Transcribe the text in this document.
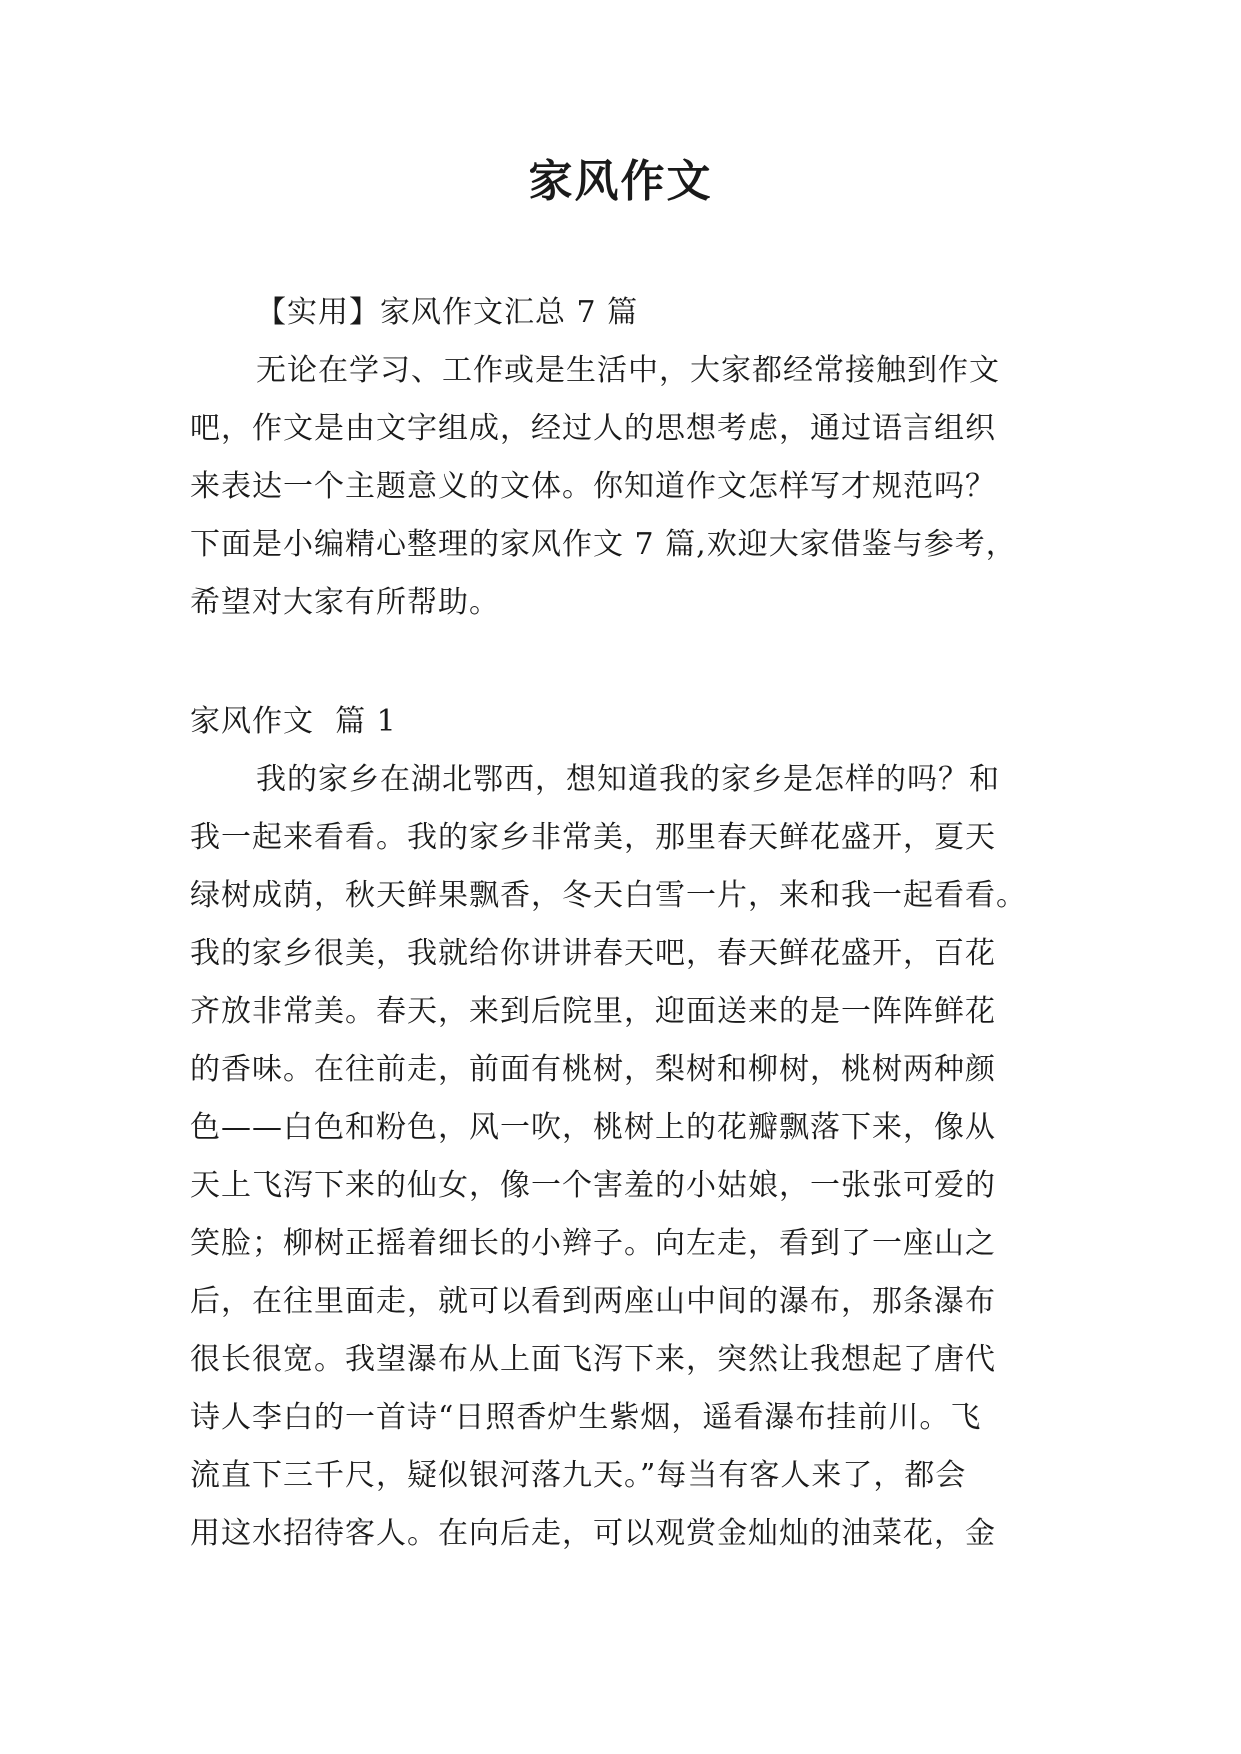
家风作文
【实用】家风作文汇总 7 篇
无论在学习、工作或是生活中，大家都经常接触到作文
吧，作文是由文字组成，经过人的思想考虑，通过语言组织
来表达一个主题意义的文体。你知道作文怎样写才规范吗？
下面是小编精心整理的家风作文 7 篇,欢迎大家借鉴与参考，
希望对大家有所帮助。
家风作文  篇 1
我的家乡在湖北鄂西，想知道我的家乡是怎样的吗？和
我一起来看看。我的家乡非常美，那里春天鲜花盛开，夏天
绿树成荫，秋天鲜果飘香，冬天白雪一片，来和我一起看看。
我的家乡很美，我就给你讲讲春天吧，春天鲜花盛开，百花
齐放非常美。春天，来到后院里，迎面送来的是一阵阵鲜花
的香味。在往前走，前面有桃树，梨树和柳树，桃树两种颜
色——白色和粉色，风一吹，桃树上的花瓣飘落下来，像从
天上飞泻下来的仙女，像一个害羞的小姑娘，一张张可爱的
笑脸；柳树正摇着细长的小辫子。向左走，看到了一座山之
后，在往里面走，就可以看到两座山中间的瀑布，那条瀑布
很长很宽。我望瀑布从上面飞泻下来，突然让我想起了唐代
诗人李白的一首诗“日照香炉生紫烟，遥看瀑布挂前川。飞
流直下三千尺，疑似银河落九天。”每当有客人来了，都会
用这水招待客人。在向后走，可以观赏金灿灿的油菜花，金
